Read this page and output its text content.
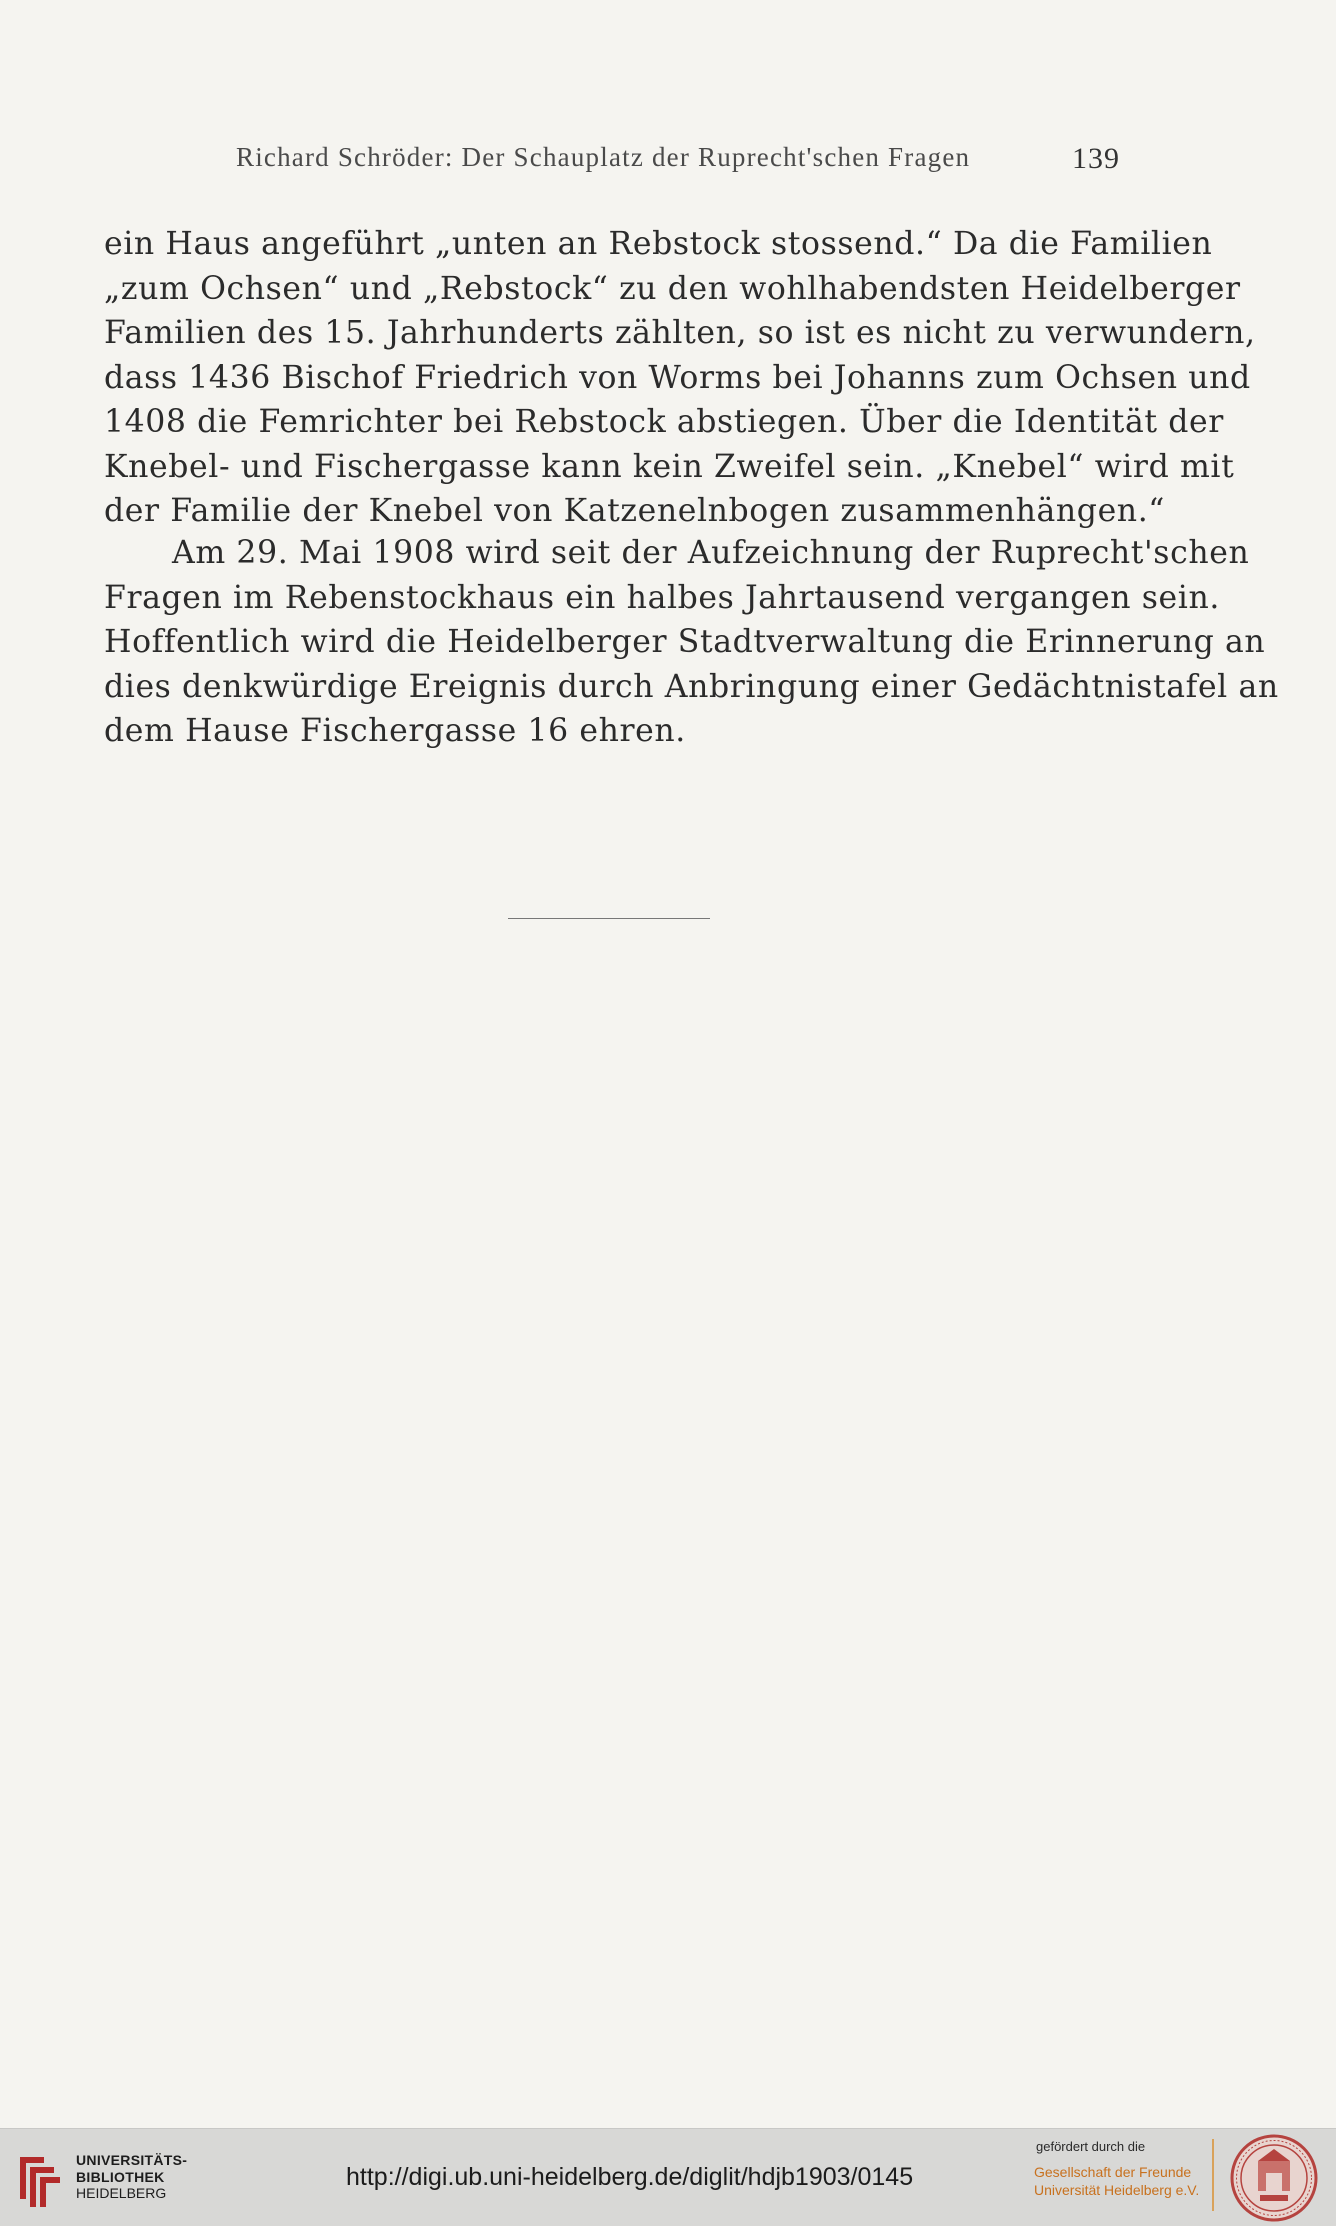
Richard Schröder: Der Schauplatz der Ruprecht'schen Fragen	139
ein Haus angeführt „unten an Rebstock stossend.“ Da die Familien
„zum Ochsen“ und „Rebstock“ zu den wohlhabendsten Heidelberger
Familien des 15. Jahrhunderts zählten, so ist es nicht zu verwundern,
dass 1436 Bischof Friedrich von Worms bei Johanns zum Ochsen und
1408 die Femrichter bei Rebstock abstiegen. Über die Identität der
Knebel- und Fischergasse kann kein Zweifel sein. „Knebel“ wird mit
der Familie der Knebel von Katzenelnbogen zusammenhängen.“
Am 29. Mai 1908 wird seit der Aufzeichnung der Ruprecht'schen
Fragen im Rebenstockhaus ein halbes Jahrtausend vergangen sein.
Hoffentlich wird die Heidelberger Stadtverwaltung die Erinnerung an
dies denkwürdige Ereignis durch Anbringung einer Gedächtnistafel an
dem Hause Fischergasse 16 ehren.
UNIVERSITÄTS-
BIBLIOTHEK
HEIDELBERG
http://digi.ub.uni-heidelberg.de/diglit/hdjb1903/0145
gefördert durch die
Gesellschaft der Freunde
Universität Heidelberg e.V.
